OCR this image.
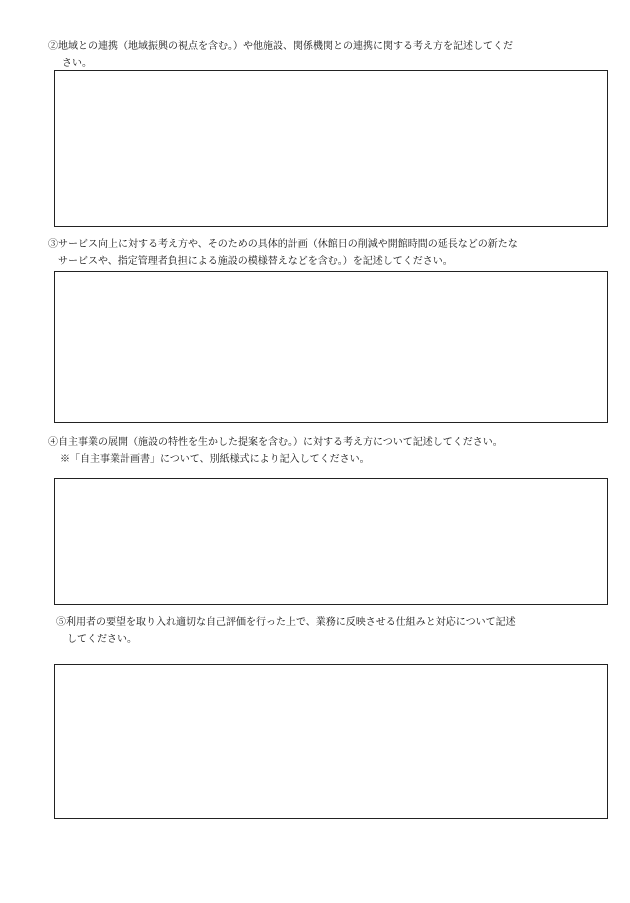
②地域との連携（地域振興の視点を含む。）や他施設、関係機関との連携に関する考え方を記述してくだ
さい。

③サービス向上に対する考え方や、そのための具体的計画（休館日の削減や開館時間の延長などの新たな
サービスや、指定管理者負担による施設の模様替えなどを含む。）を記述してください。

④自主事業の展開（施設の特性を生かした提案を含む。）に対する考え方について記述してください。
※「自主事業計画書」について、別紙様式により記入してください。

⑤利用者の要望を取り入れ適切な自己評価を行った上で、業務に反映させる仕組みと対応について記述
してください。
